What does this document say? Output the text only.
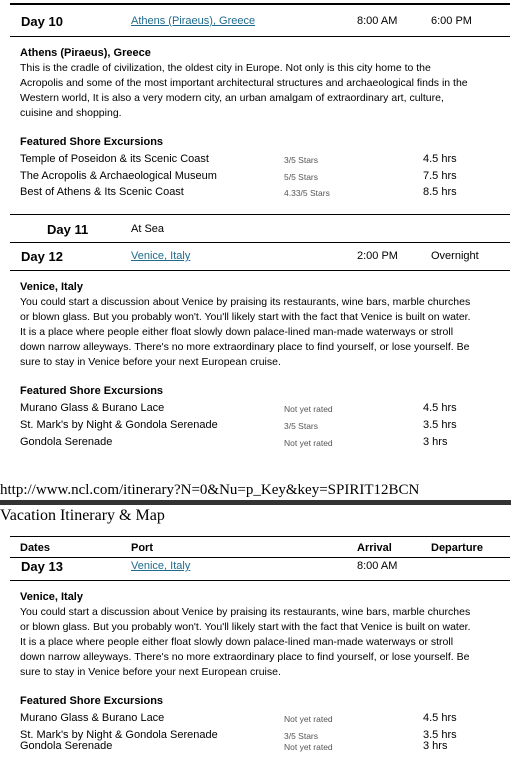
Day 10	Athens (Piraeus), Greece	8:00 AM	6:00 PM
Athens (Piraeus), Greece
This is the cradle of civilization, the oldest city in Europe. Not only is this city home to the
Acropolis and some of the most important architectural structures and archaeological finds in the
Western world, It is also a very modern city, an urban amalgam of extraordinary art, culture,
cuisine and shopping.
Featured Shore Excursions
Temple of Poseidon & its Scenic Coast	3/5 Stars	4.5 hrs
The Acropolis & Archaeological Museum	5/5 Stars	7.5 hrs
Best of Athens & Its Scenic Coast	4.33/5 Stars	8.5 hrs
Day 11	At Sea
Day 12	Venice, Italy	2:00 PM	Overnight
Venice, Italy
You could start a discussion about Venice by praising its restaurants, wine bars, marble churches
or blown glass. But you probably won't. You'll likely start with the fact that Venice is built on water.
It is a place where people either float slowly down palace-lined man-made waterways or stroll
down narrow alleyways. There's no more extraordinary place to find yourself, or lose yourself. Be
sure to stay in Venice before your next European cruise.
Featured Shore Excursions
Murano Glass & Burano Lace	Not yet rated	4.5 hrs
St. Mark's by Night & Gondola Serenade	3/5 Stars	3.5 hrs
Gondola Serenade	Not yet rated	3 hrs
http://www.ncl.com/itinerary?N=0&Nu=p_Key&key=SPIRIT12BCN
Vacation Itinerary & Map
Dates	Port	Arrival	Departure
Day 13	Venice, Italy	8:00 AM
Venice, Italy
You could start a discussion about Venice by praising its restaurants, wine bars, marble churches
or blown glass. But you probably won't. You'll likely start with the fact that Venice is built on water.
It is a place where people either float slowly down palace-lined man-made waterways or stroll
down narrow alleyways. There's no more extraordinary place to find yourself, or lose yourself. Be
sure to stay in Venice before your next European cruise.
Featured Shore Excursions
Murano Glass & Burano Lace	Not yet rated	4.5 hrs
St. Mark's by Night & Gondola Serenade	3/5 Stars	3.5 hrs
Gondola Serenade	Not yet rated	3 hrs
